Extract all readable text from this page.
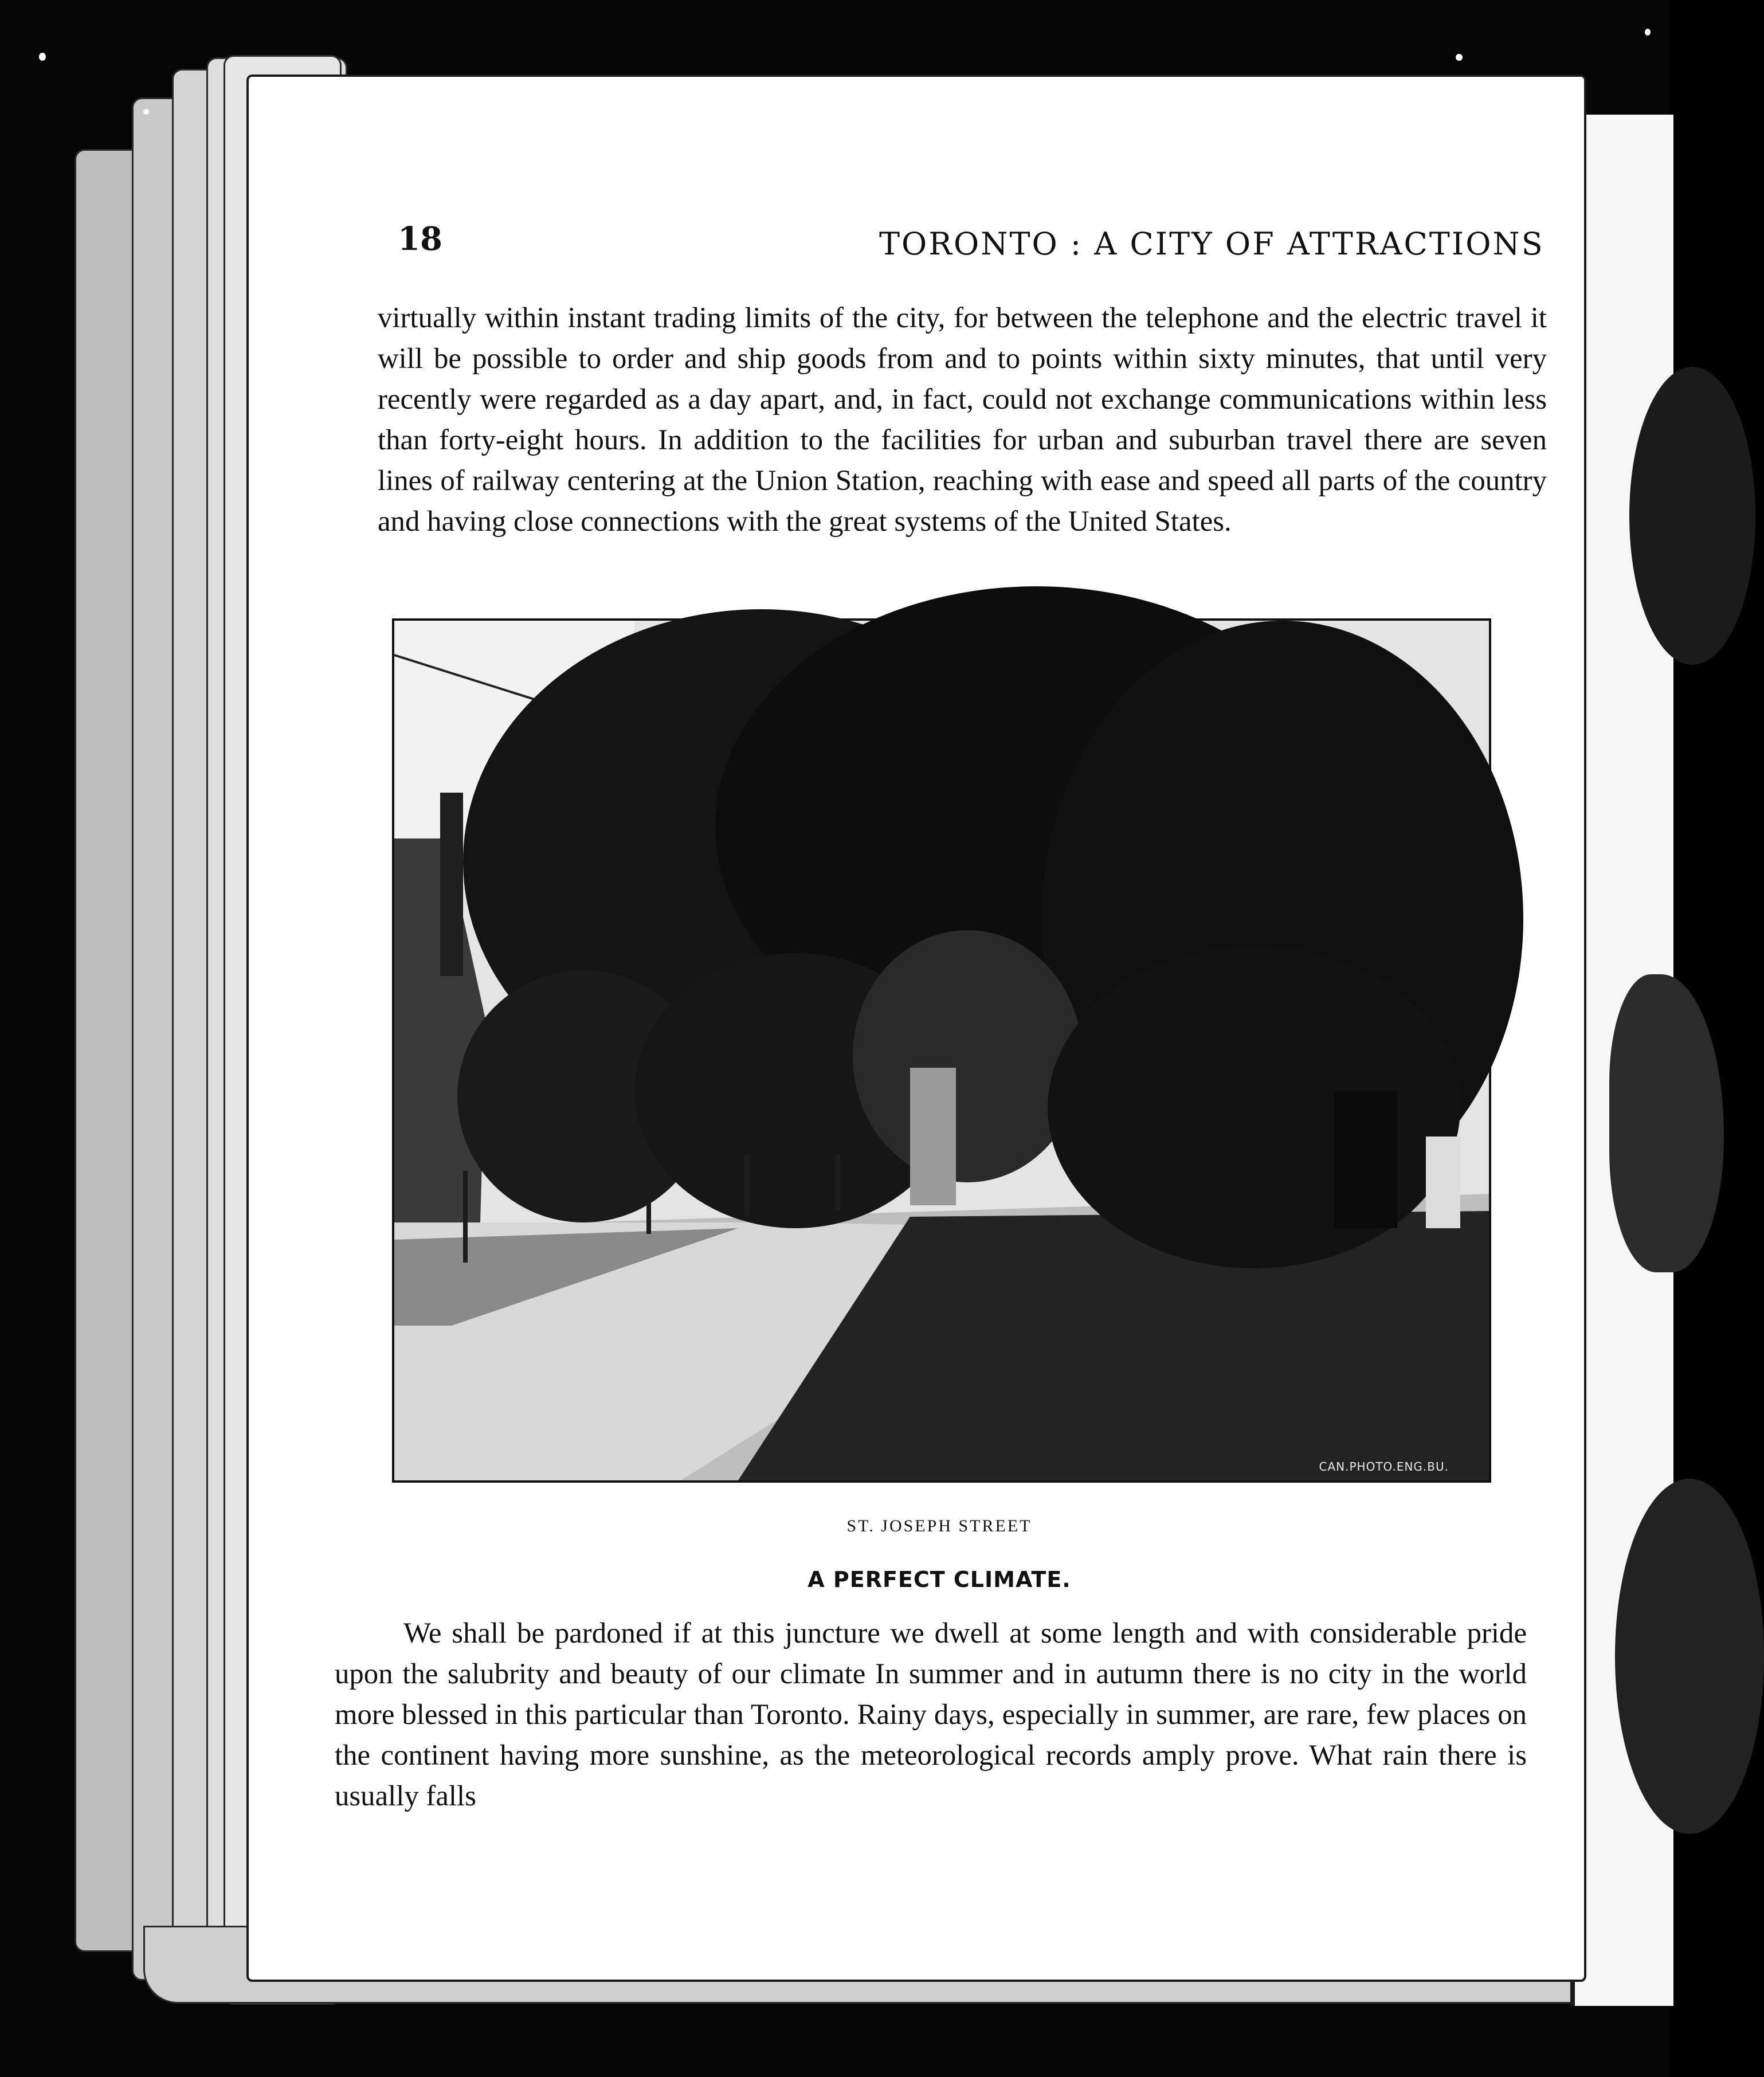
18	TORONTO : A CITY OF ATTRACTIONS

virtually within instant trading limits of the city, for between the telephone and the electric travel it will be possible to order and ship goods from and to points within sixty minutes, that until very recently were regarded as a day apart, and, in fact, could not exchange communications within less than forty-eight hours. In addition to the facilities for urban and suburban travel there are seven lines of railway centering at the Union Station, reaching with ease and speed all parts of the country and having close connections with the great systems of the United States.

CAN.PHOTO.ENG.BU.
ST. JOSEPH STREET
A PERFECT CLIMATE.

We shall be pardoned if at this juncture we dwell at some length and with considerable pride upon the salubrity and beauty of our climate In summer and in autumn there is no city in the world more blessed in this particular than Toronto. Rainy days, especially in summer, are rare, few places on the continent having more sunshine, as the meteorological records amply prove. What rain there is usually falls
